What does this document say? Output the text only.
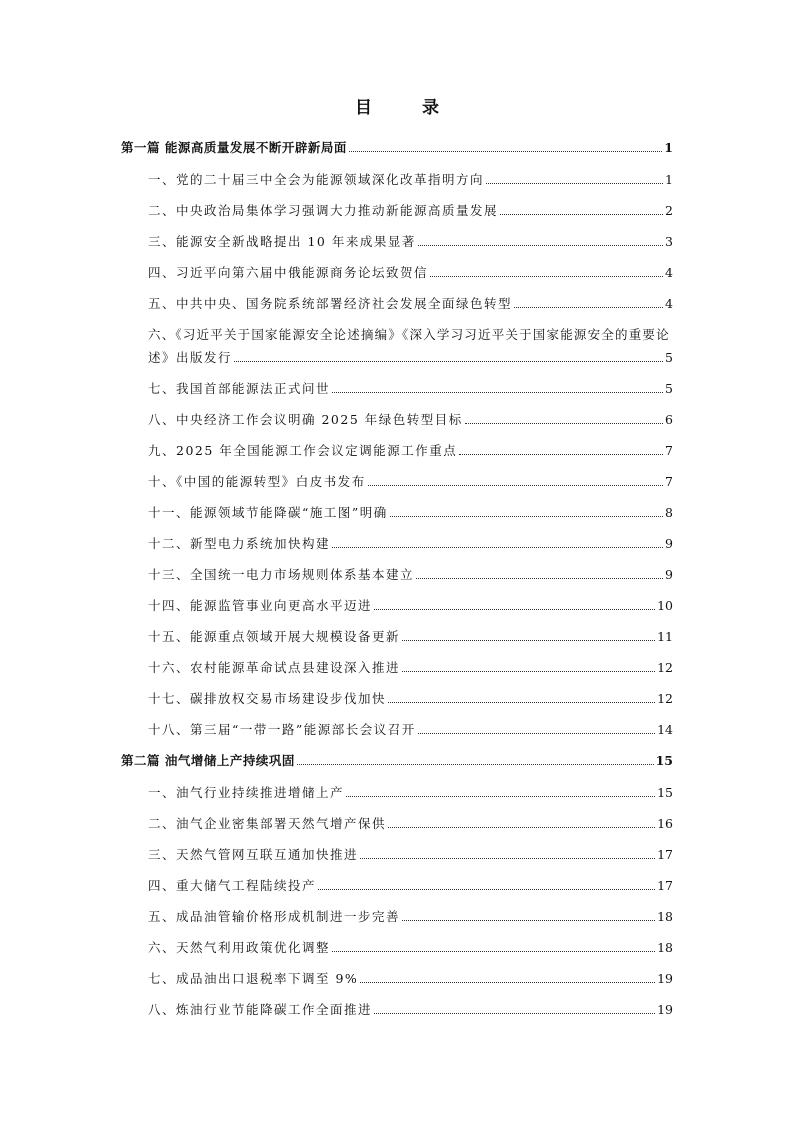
目 录
第一篇 能源高质量发展不断开辟新局面	1
一、党的二十届三中全会为能源领域深化改革指明方向	1
二、中央政治局集体学习强调大力推动新能源高质量发展	2
三、能源安全新战略提出 10 年来成果显著	3
四、习近平向第六届中俄能源商务论坛致贺信	4
五、中共中央、国务院系统部署经济社会发展全面绿色转型	4
六、《习近平关于国家能源安全论述摘编》《深入学习习近平关于国家能源安全的重要论
述》出版发行	5
七、我国首部能源法正式问世	5
八、中央经济工作会议明确 2025 年绿色转型目标	6
九、2025 年全国能源工作会议定调能源工作重点	7
十、《中国的能源转型》白皮书发布	7
十一、能源领域节能降碳“施工图”明确	8
十二、新型电力系统加快构建	9
十三、全国统一电力市场规则体系基本建立	9
十四、能源监管事业向更高水平迈进	10
十五、能源重点领域开展大规模设备更新	11
十六、农村能源革命试点县建设深入推进	12
十七、碳排放权交易市场建设步伐加快	12
十八、第三届“一带一路”能源部长会议召开	14
第二篇 油气增储上产持续巩固	15
一、油气行业持续推进增储上产	15
二、油气企业密集部署天然气增产保供	16
三、天然气管网互联互通加快推进	17
四、重大储气工程陆续投产	17
五、成品油管输价格形成机制进一步完善	18
六、天然气利用政策优化调整	18
七、成品油出口退税率下调至 9%	19
八、炼油行业节能降碳工作全面推进	19
